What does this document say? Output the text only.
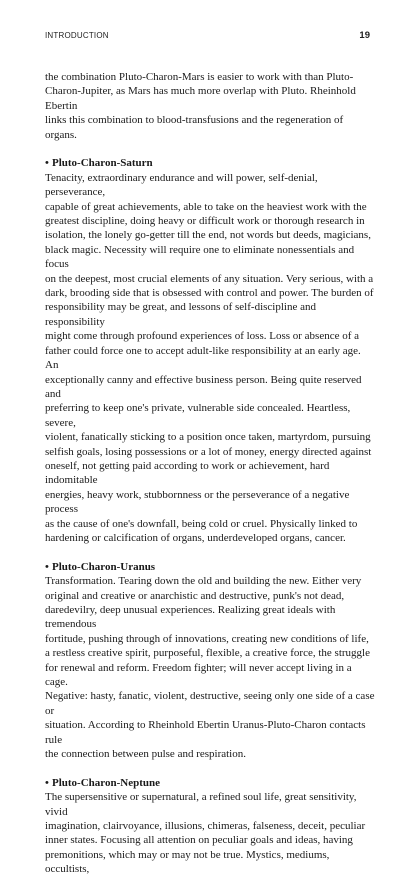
INTRODUCTION	19

the combination Pluto-Charon-Mars is easier to work with than Pluto-
Charon-Jupiter, as Mars has much more overlap with Pluto. Rheinhold Ebertin
links this combination to blood-transfusions and the regeneration of organs.

• Pluto-Charon-Saturn

Tenacity, extraordinary endurance and will power, self-denial, perseverance,
capable of great achievements, able to take on the heaviest work with the
greatest discipline, doing heavy or difficult work or thorough research in
isolation, the lonely go-getter till the end, not words but deeds, magicians,
black magic. Necessity will require one to eliminate nonessentials and focus
on the deepest, most crucial elements of any situation. Very serious, with a
dark, brooding side that is obsessed with control and power. The burden of
responsibility may be great, and lessons of self-discipline and responsibility
might come through profound experiences of loss. Loss or absence of a
father could force one to accept adult-like responsibility at an early age. An
exceptionally canny and effective business person. Being quite reserved and
preferring to keep one's private, vulnerable side concealed. Heartless, severe,
violent, fanatically sticking to a position once taken, martyrdom, pursuing
selfish goals, losing possessions or a lot of money, energy directed against
oneself, not getting paid according to work or achievement, hard indomitable
energies, heavy work, stubbornness or the perseverance of a negative process
as the cause of one's downfall, being cold or cruel. Physically linked to
hardening or calcification of organs, underdeveloped organs, cancer.

• Pluto-Charon-Uranus

Transformation. Tearing down the old and building the new. Either very
original and creative or anarchistic and destructive, punk's not dead,
daredevilry, deep unusual experiences. Realizing great ideals with tremendous
fortitude, pushing through of innovations, creating new conditions of life,
a restless creative spirit, purposeful, flexible, a creative force, the struggle
for renewal and reform. Freedom fighter; will never accept living in a cage.
Negative: hasty, fanatic, violent, destructive, seeing only one side of a case or
situation. According to Rheinhold Ebertin Uranus-Pluto-Charon contacts rule
the connection between pulse and respiration.

• Pluto-Charon-Neptune

The supersensitive or supernatural, a refined soul life, great sensitivity, vivid
imagination, clairvoyance, illusions, chimeras, falseness, deceit, peculiar
inner states. Focusing all attention on peculiar goals and ideas, having
premonitions, which may or may not be true. Mystics, mediums, occultists,
